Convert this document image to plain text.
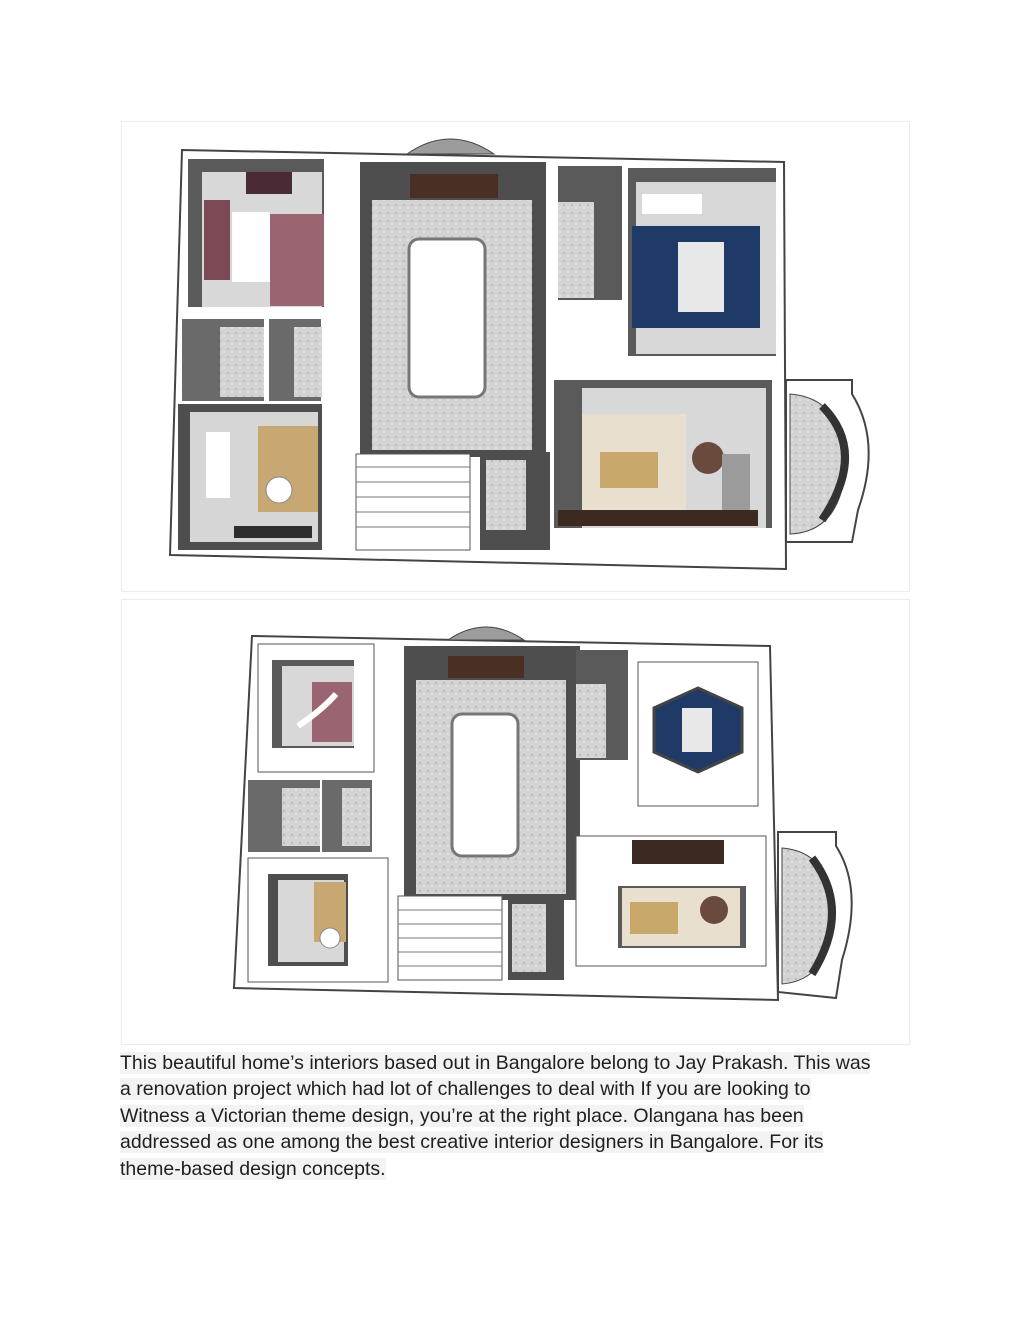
This beautiful home’s interiors based out in Bangalore belong to Jay Prakash. This was
a renovation project which had lot of challenges to deal with If you are looking to
Witness a Victorian theme design, you’re at the right place. Olangana has been
addressed as one among the best creative interior designers in Bangalore. For its
theme-based design concepts.
